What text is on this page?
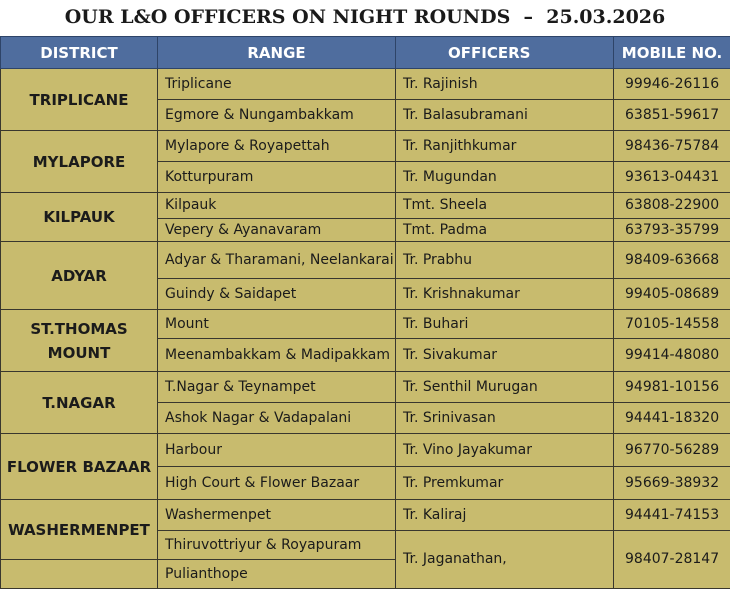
OUR L&O OFFICERS ON NIGHT ROUNDS  –  25.03.2026
DISTRICT	RANGE	OFFICERS	MOBILE NO.
TRIPLICANE	Triplicane	Tr. Rajinish	99946-26116
	Egmore & Nungambakkam	Tr. Balasubramani	63851-59617
MYLAPORE	Mylapore & Royapettah	Tr. Ranjithkumar	98436-75784
	Kotturpuram	Tr. Mugundan	93613-04431
KILPAUK	Kilpauk	Tmt. Sheela	63808-22900
	Vepery & Ayanavaram	Tmt. Padma	63793-35799
ADYAR	Adyar & Tharamani, Neelankarai	Tr. Prabhu	98409-63668
	Guindy & Saidapet	Tr. Krishnakumar	99405-08689
ST.THOMAS MOUNT	Mount	Tr. Buhari	70105-14558
	Meenambakkam & Madipakkam	Tr. Sivakumar	99414-48080
T.NAGAR	T.Nagar & Teynampet	Tr. Senthil Murugan	94981-10156
	Ashok Nagar & Vadapalani	Tr. Srinivasan	94441-18320
FLOWER BAZAAR	Harbour	Tr. Vino Jayakumar	96770-56289
	High Court & Flower Bazaar	Tr. Premkumar	95669-38932
WASHERMENPET	Washermenpet	Tr. Kaliraj	94441-74153
	Thiruvottriyur & Royapuram	Tr. Jaganathan,	98407-28147
	Pulianthope		
